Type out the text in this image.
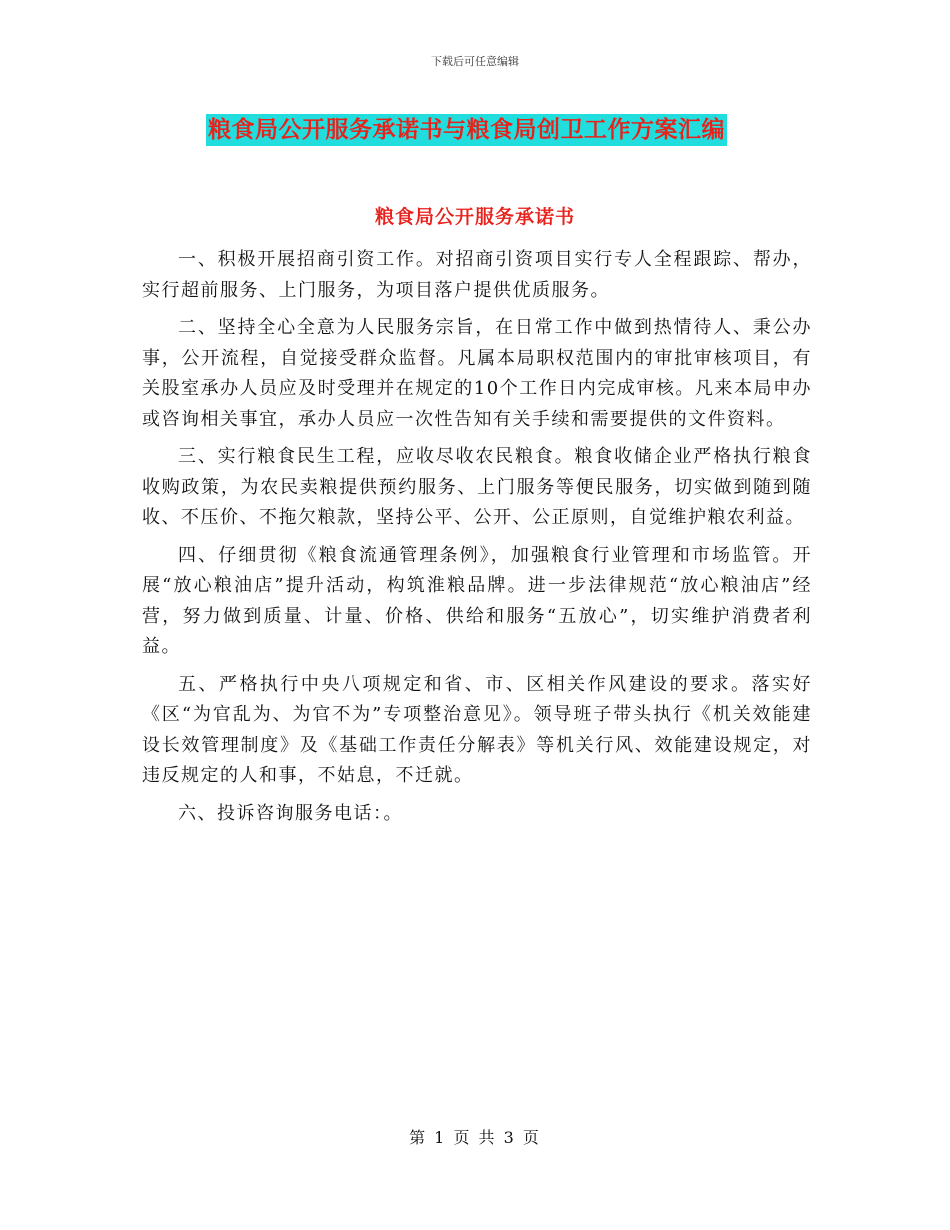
下载后可任意编辑
粮食局公开服务承诺书与粮食局创卫工作方案汇编
粮食局公开服务承诺书

一、积极开展招商引资工作。对招商引资项目实行专人全程跟踪、帮办，实行超前服务、上门服务，为项目落户提供优质服务。

二、坚持全心全意为人民服务宗旨，在日常工作中做到热情待人、秉公办事，公开流程，自觉接受群众监督。凡属本局职权范围内的审批审核项目，有关股室承办人员应及时受理并在规定的10个工作日内完成审核。凡来本局申办或咨询相关事宜，承办人员应一次性告知有关手续和需要提供的文件资料。

三、实行粮食民生工程，应收尽收农民粮食。粮食收储企业严格执行粮食收购政策，为农民卖粮提供预约服务、上门服务等便民服务，切实做到随到随收、不压价、不拖欠粮款，坚持公平、公开、公正原则，自觉维护粮农利益。

四、仔细贯彻《粮食流通管理条例》，加强粮食行业管理和市场监管。开展“放心粮油店”提升活动，构筑淮粮品牌。进一步法律规范“放心粮油店”经营，努力做到质量、计量、价格、供给和服务“五放心”，切实维护消费者利益。

五、严格执行中央八项规定和省、市、区相关作风建设的要求。落实好《区“为官乱为、为官不为”专项整治意见》。领导班子带头执行《机关效能建设长效管理制度》及《基础工作责任分解表》等机关行风、效能建设规定，对违反规定的人和事，不姑息，不迁就。

六、投诉咨询服务电话：。

第 1 页 共 3 页
